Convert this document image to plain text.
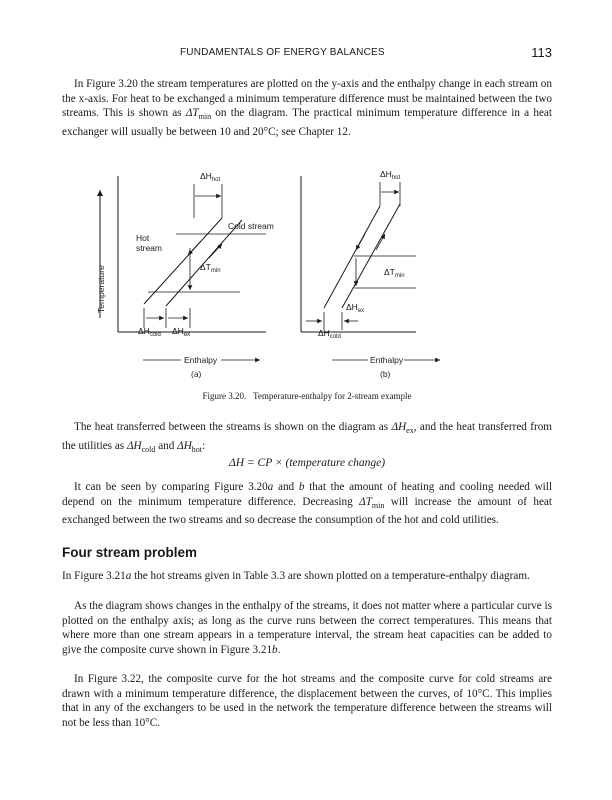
FUNDAMENTALS OF ENERGY BALANCES	113

In Figure 3.20 the stream temperatures are plotted on the y-axis and the enthalpy change in each stream on the x-axis. For heat to be exchanged a minimum temperature difference must be maintained between the two streams. This is shown as $\Delta T_{min}$ on the diagram. The practical minimum temperature difference in a heat exchanger will usually be between 10 and 20°C; see Chapter 12.

Temperature
$\Delta H_{hot}$
$\Delta T_{min}$
Cold stream
Hot
stream
$\Delta H_{cold}$ $\Delta H_{ex}$
Enthalpy
(a)
$\Delta H_{hot}$
$\Delta T_{min}$
$\Delta H_{ex}$
$\Delta H_{cold}$
Enthalpy
(b)
Figure 3.20. Temperature-enthalpy for 2-stream example

The heat transferred between the streams is shown on the diagram as $\Delta H_{ex}$, and the heat transferred from the utilities as $\Delta H_{cold}$ and $\Delta H_{hot}$:

ΔH = CP × (temperature change)

It can be seen by comparing Figure 3.20a and b that the amount of heating and cooling needed will depend on the minimum temperature difference. Decreasing $\Delta T_{min}$ will increase the amount of heat exchanged between the two streams and so decrease the consumption of the hot and cold utilities.

Four stream problem

In Figure 3.21a the hot streams given in Table 3.3 are shown plotted on a temperature-enthalpy diagram.

As the diagram shows changes in the enthalpy of the streams, it does not matter where a particular curve is plotted on the enthalpy axis; as long as the curve runs between the correct temperatures. This means that where more than one stream appears in a temperature interval, the stream heat capacities can be added to give the composite curve shown in Figure 3.21b.

In Figure 3.22, the composite curve for the hot streams and the composite curve for cold streams are drawn with a minimum temperature difference, the displacement between the curves, of 10°C. This implies that in any of the exchangers to be used in the network the temperature difference between the streams will not be less than 10°C.
